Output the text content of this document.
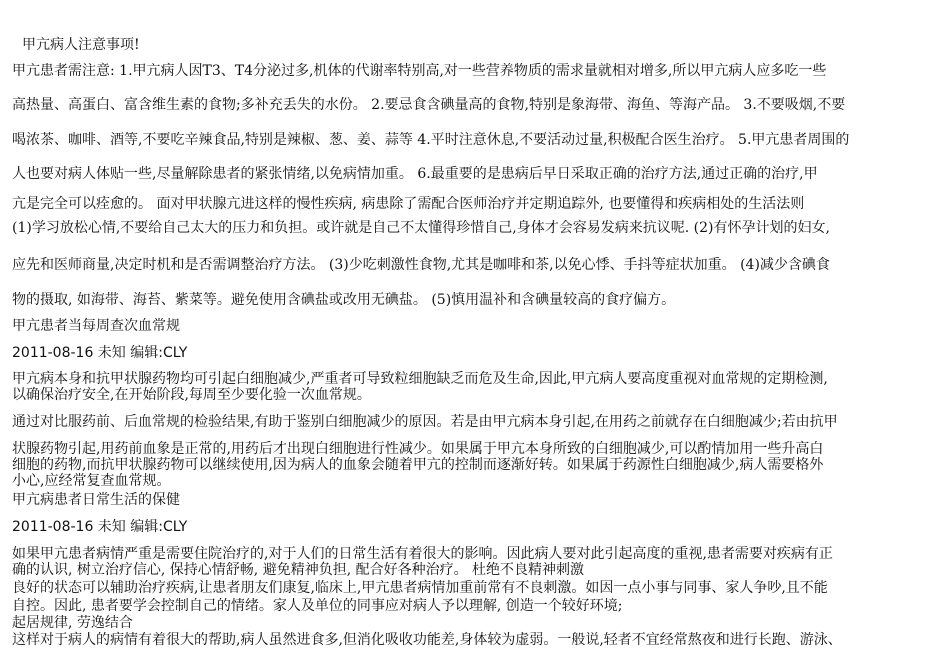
甲亢病人注意事项!
甲亢患者需注意: 1.甲亢病人因T3、T4分泌过多,机体的代谢率特别高,对一些营养物质的需求量就相对增多,所以甲亢病人应多吃一些
高热量、高蛋白、富含维生素的食物;多补充丢失的水份。 2.要忌食含碘量高的食物,特别是象海带、海鱼、等海产品。 3.不要吸烟,不要
喝浓茶、咖啡、酒等,不要吃辛辣食品,特别是辣椒、葱、姜、蒜等 4.平时注意休息,不要活动过量,积极配合医生治疗。 5.甲亢患者周围的
人也要对病人体贴一些,尽量解除患者的紧张情绪,以免病情加重。 6.最重要的是患病后早日采取正确的治疗方法,通过正确的治疗,甲
亢是完全可以痊愈的。 面对甲状腺亢进这样的慢性疾病, 病患除了需配合医师治疗并定期追踪外, 也要懂得和疾病相处的生活法则
(1)学习放松心情,不要给自己太大的压力和负担。或许就是自己不太懂得珍惜自己,身体才会容易发病来抗议呢. (2)有怀孕计划的妇女,
应先和医师商量,决定时机和是否需调整治疗方法。 (3)少吃刺激性食物,尤其是咖啡和茶,以免心悸、手抖等症状加重。 (4)减少含碘食
物的摄取, 如海带、海苔、紫菜等。避免使用含碘盐或改用无碘盐。 (5)慎用温补和含碘量较高的食疗偏方。
甲亢患者当每周查次血常规
2011-08-16 未知 编辑:CLY
甲亢病本身和抗甲状腺药物均可引起白细胞减少,严重者可导致粒细胞缺乏而危及生命,因此,甲亢病人要高度重视对血常规的定期检测,
以确保治疗安全,在开始阶段,每周至少要化验一次血常规。
通过对比服药前、后血常规的检验结果,有助于鉴别白细胞减少的原因。若是由甲亢病本身引起,在用药之前就存在白细胞减少;若由抗甲
状腺药物引起,用药前血象是正常的,用药后才出现白细胞进行性减少。如果属于甲亢本身所致的白细胞减少,可以酌情加用一些升高白
细胞的药物,而抗甲状腺药物可以继续使用,因为病人的血象会随着甲亢的控制而逐渐好转。如果属于药源性白细胞减少,病人需要格外
小心,应经常复查血常规。
甲亢病患者日常生活的保健
2011-08-16 未知 编辑:CLY
如果甲亢患者病情严重是需要住院治疗的,对于人们的日常生活有着很大的影响。因此病人要对此引起高度的重视,患者需要对疾病有正
确的认识, 树立治疗信心, 保持心情舒畅, 避免精神负担, 配合好各种治疗。 杜绝不良精神刺激
良好的状态可以辅助治疗疾病,让患者朋友们康复,临床上,甲亢患者病情加重前常有不良刺激。如因一点小事与同事、家人争吵,且不能
自控。因此, 患者要学会控制自己的情绪。家人及单位的同事应对病人予以理解, 创造一个较好环境;
起居规律, 劳逸结合
这样对于病人的病情有着很大的帮助,病人虽然进食多,但消化吸收功能差,身体较为虚弱。一般说,轻者不宜经常熬夜和进行长跑、游泳、
